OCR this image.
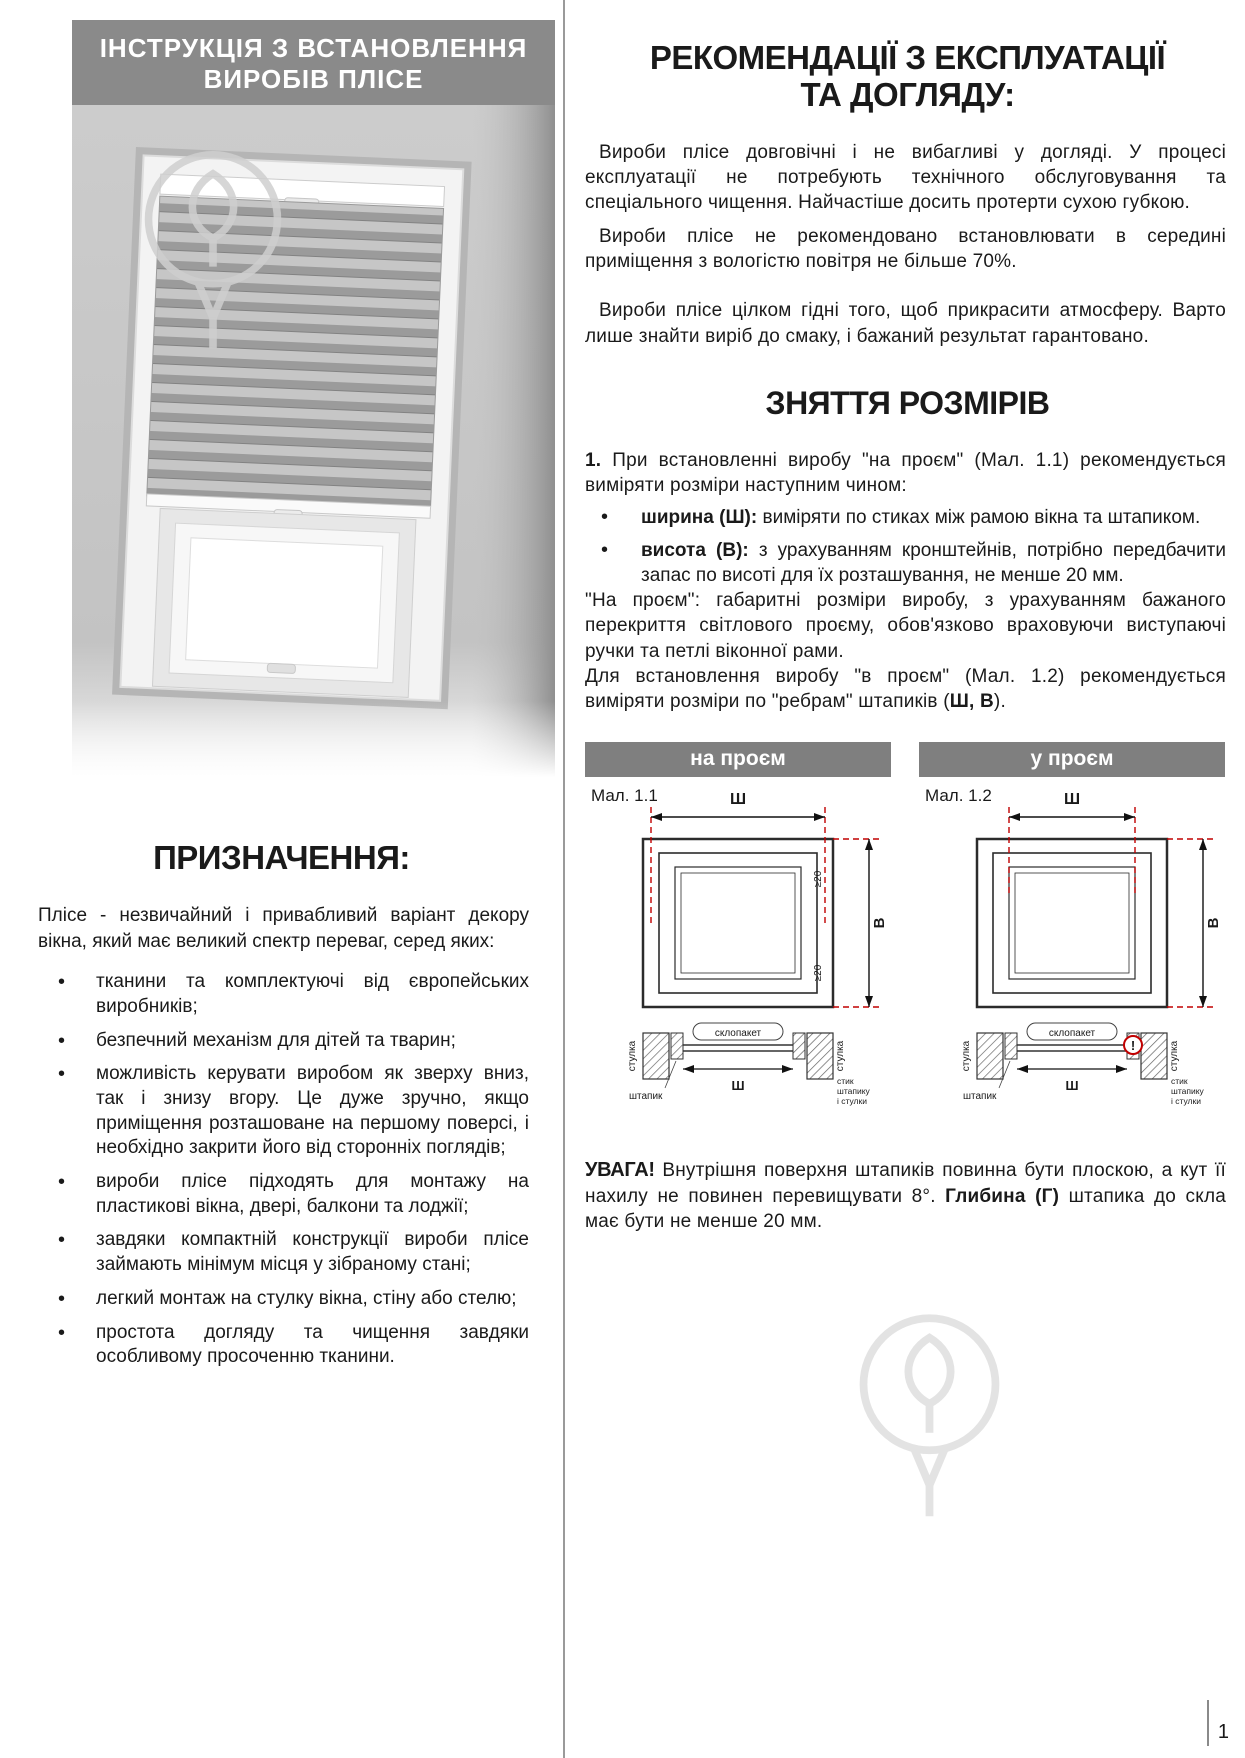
ІНСТРУКЦІЯ З ВСТАНОВЛЕННЯ
ВИРОБІВ ПЛІСЕ
ПРИЗНАЧЕННЯ:

Плісе - незвичайний і привабливий варіант декору вікна, який має великий спектр переваг, серед яких:

• тканини та комплектуючі від європейських виробників;
• безпечний механізм для дітей та тварин;
• можливість керувати виробом як зверху вниз, так і знизу вгору. Це дуже зручно, якщо приміщення розташоване на першому поверсі, і необхідно закрити його від сторонніх поглядів;
• вироби плісе підходять для монтажу на пластикові вікна, двері, балкони та лоджії;
• завдяки компактній конструкції вироби плісе займають мінімум місця у зібраному стані;
• легкий монтаж на стулку вікна, стіну або стелю;
• простота догляду та чищення завдяки особливому просоченню тканини.
РЕКОМЕНДАЦІЇ З ЕКСПЛУАТАЦІЇ
ТА ДОГЛЯДУ:

Вироби плісе довговічні і не вибагливі у догляді. У процесі експлуатації не потребують технічного обслуговування та спеціального чищення. Найчастіше досить протерти сухою губкою.

Вироби плісе не рекомендовано встановлювати в середині приміщення з вологістю повітря не більше 70%.

Вироби плісе цілком гідні того, щоб прикрасити атмосферу. Варто лише знайти виріб до смаку, і бажаний результат гарантовано.

ЗНЯТТЯ РОЗМІРІВ

1. При встановленні виробу "на проєм" (Мал. 1.1) рекомендується виміряти розміри наступним чином:

• ширина (Ш): виміряти по стиках між рамою вікна та штапиком.
• висота (В): з урахуванням кронштейнів, потрібно передбачити запас по висоті для їх розташування, не менше 20 мм.

"На проєм": габаритні розміри виробу, з урахуванням бажаного перекриття світлового проєму, обов'язково враховуючи виступаючі ручки та петлі віконної рами.

Для встановлення виробу "в проєм" (Мал. 1.2) рекомендується виміряти розміри по "ребрам" штапиків (Ш, В).

на проєм
Мал. 1.1	Ш
В
≥20
≥20
склопакет
стулка	стулка
Ш
штапик
стик
штапику
і стулки
у проєм
Мал. 1.2	Ш
В
склопакет
стулка	стулка
!
Ш
штапик
стик
штапику
і стулки

УВАГА! Внутрішня поверхня штапиків повинна бути плоскою, а кут її нахилу не повинен перевищувати 8°. Глибина (Г) штапика до скла має бути не менше 20 мм.

1
